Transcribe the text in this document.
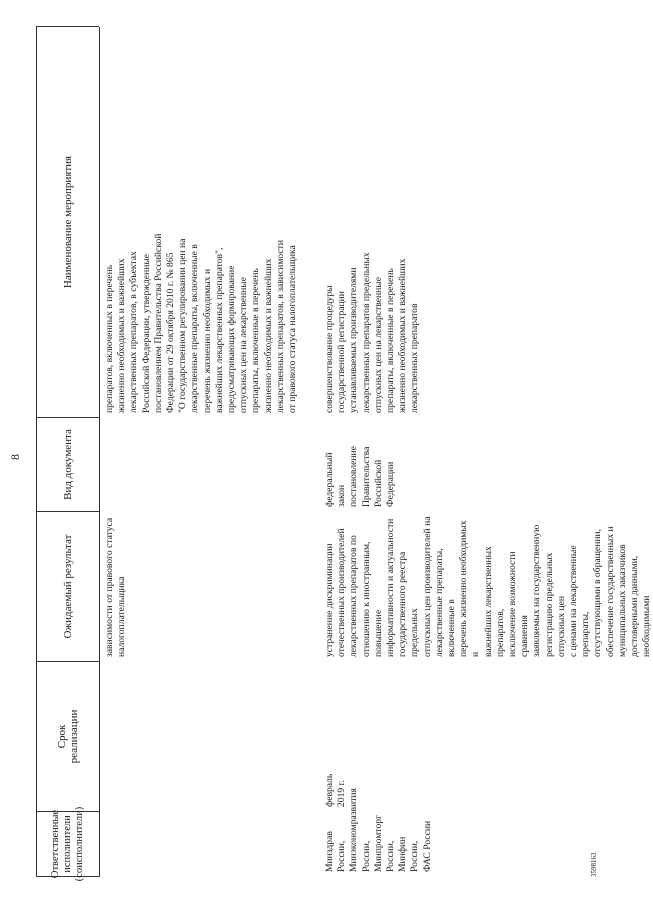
8
Наименование мероприятия
Вид документа
Ожидаемый результат
Срок
реализации
Ответственные
исполнители
(соисполнители)
препаратов, включенных в перечень
жизненно необходимых и важнейших
лекарственных препаратов, в субъектах
Российской Федерации, утвержденные
постановлением Правительства Российской
Федерации от 29 октября 2010 г. № 865
"О государственном регулировании цен на
лекарственные препараты, включенные в
перечень жизненно необходимых и
важнейших лекарственных препаратов",
предусматривающих формирование
отпускных цен на лекарственные
препараты, включенные в перечень
жизненно необходимых и важнейших
лекарственных препаратов, в зависимости
от правового статуса налогоплательщика
зависимости от правового статуса
налогоплательщика
совершенствование процедуры
государственной регистрации
устанавливаемых производителями
лекарственных препаратов предельных
отпускных цен на лекарственные
препараты, включенные в перечень
жизненно необходимых и важнейших
лекарственных препаратов
федеральный
закон
постановление
Правительства
Российской
Федерации
устранение дискриминации
отечественных производителей
лекарственных препаратов по
отношению к иностранным, повышение
информативности и актуальности
государственного реестра предельных
отпускных цен производителей на
лекарственные препараты, включенные в
перечень жизненно необходимых и
важнейших лекарственных препаратов,
исключение возможности сравнения
заявляемых на государственную
регистрацию предельных отпускных цен
с ценами на лекарственные препараты,
отсутствующими в обращении,
обеспечение государственных и
муниципальных заказчиков
достоверными данными, необходимыми
февраль
2019 г.
Минздрав России,
Минэкономразвития
России,
Минпромторг
России,
Минфин России,
ФАС России
3598163
